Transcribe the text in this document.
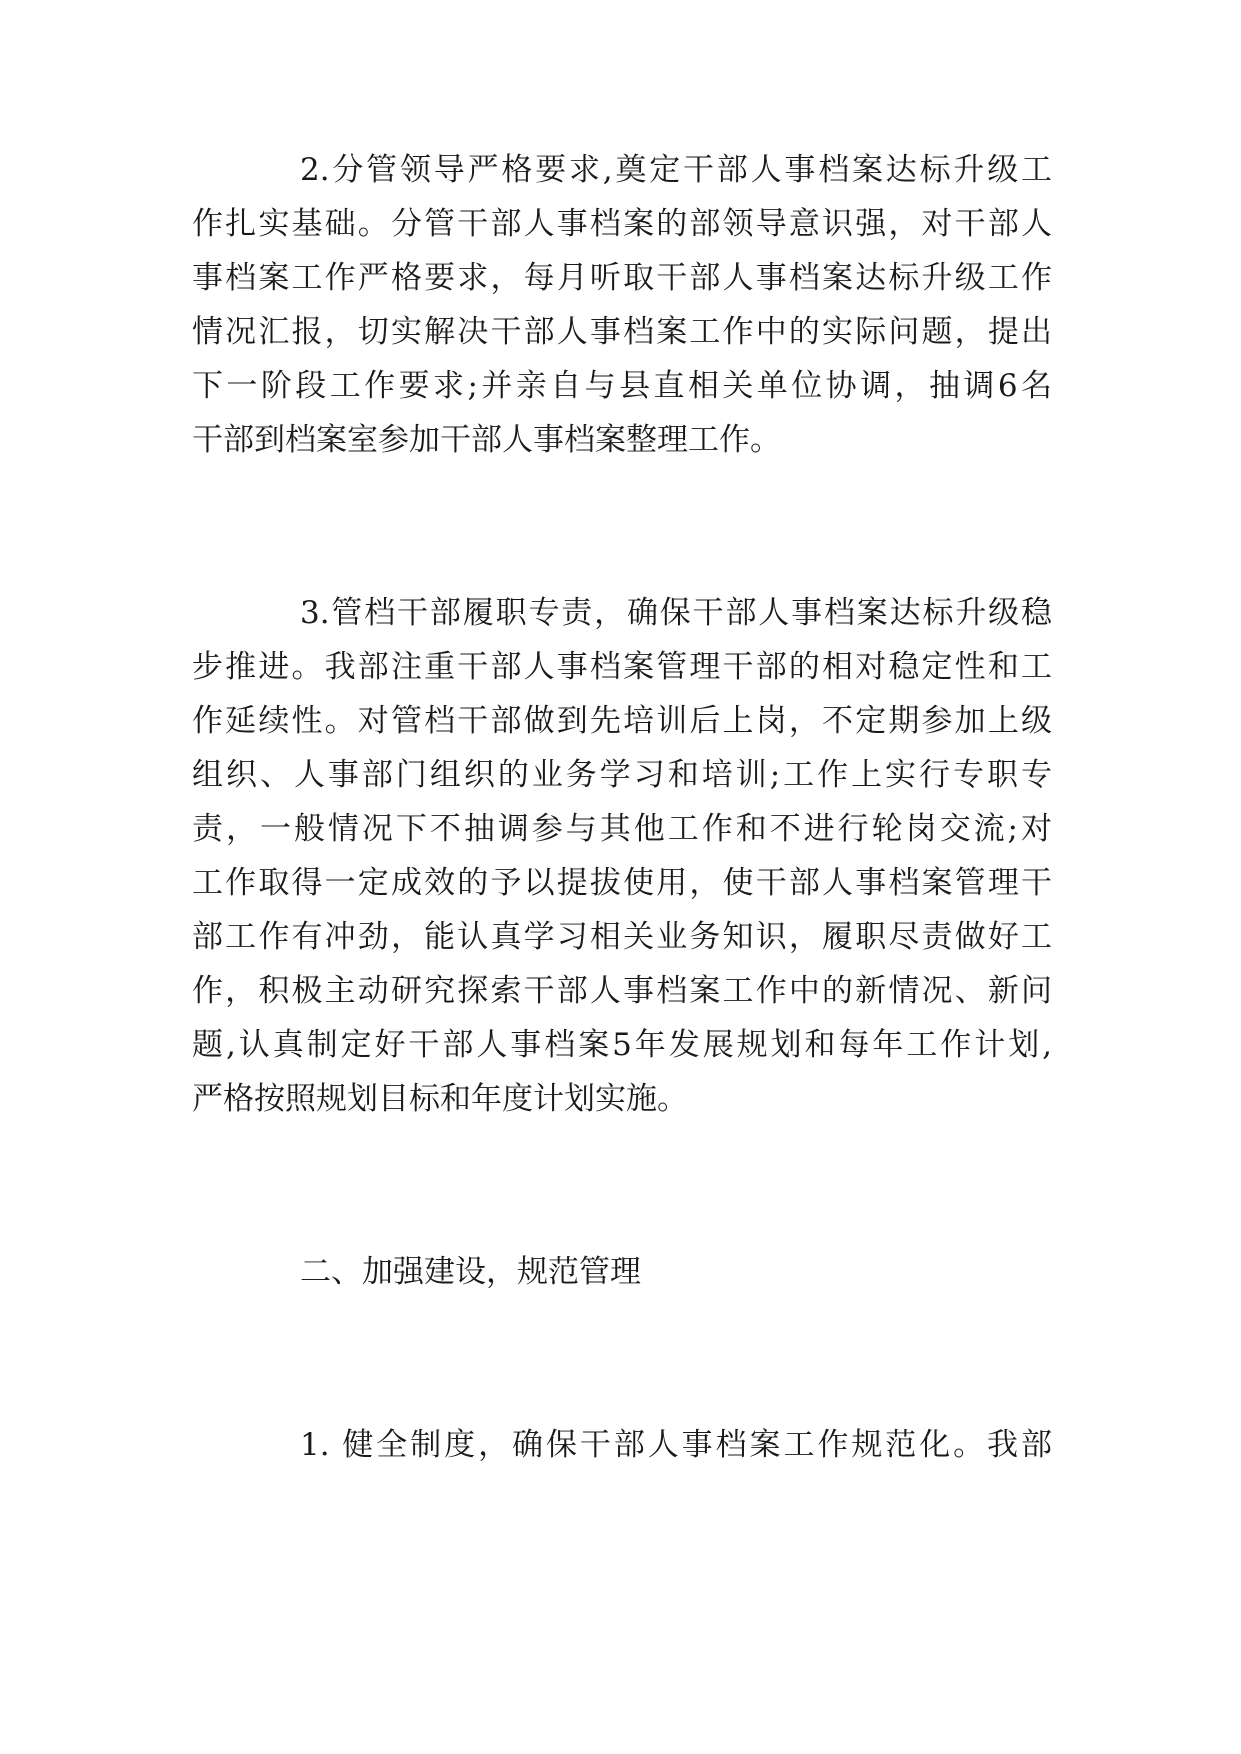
2.分管领导严格要求,奠定干部人事档案达标升级工
作扎实基础。分管干部人事档案的部领导意识强，对干部人
事档案工作严格要求，每月听取干部人事档案达标升级工作
情况汇报，切实解决干部人事档案工作中的实际问题，提出
下一阶段工作要求;并亲自与县直相关单位协调，抽调6名
干部到档案室参加干部人事档案整理工作。
3.管档干部履职专责，确保干部人事档案达标升级稳
步推进。我部注重干部人事档案管理干部的相对稳定性和工
作延续性。对管档干部做到先培训后上岗，不定期参加上级
组织、人事部门组织的业务学习和培训;工作上实行专职专
责，一般情况下不抽调参与其他工作和不进行轮岗交流;对
工作取得一定成效的予以提拔使用，使干部人事档案管理干
部工作有冲劲，能认真学习相关业务知识，履职尽责做好工
作，积极主动研究探索干部人事档案工作中的新情况、新问
题,认真制定好干部人事档案5年发展规划和每年工作计划,
严格按照规划目标和年度计划实施。
二、加强建设，规范管理
1. 健全制度，确保干部人事档案工作规范化。我部
